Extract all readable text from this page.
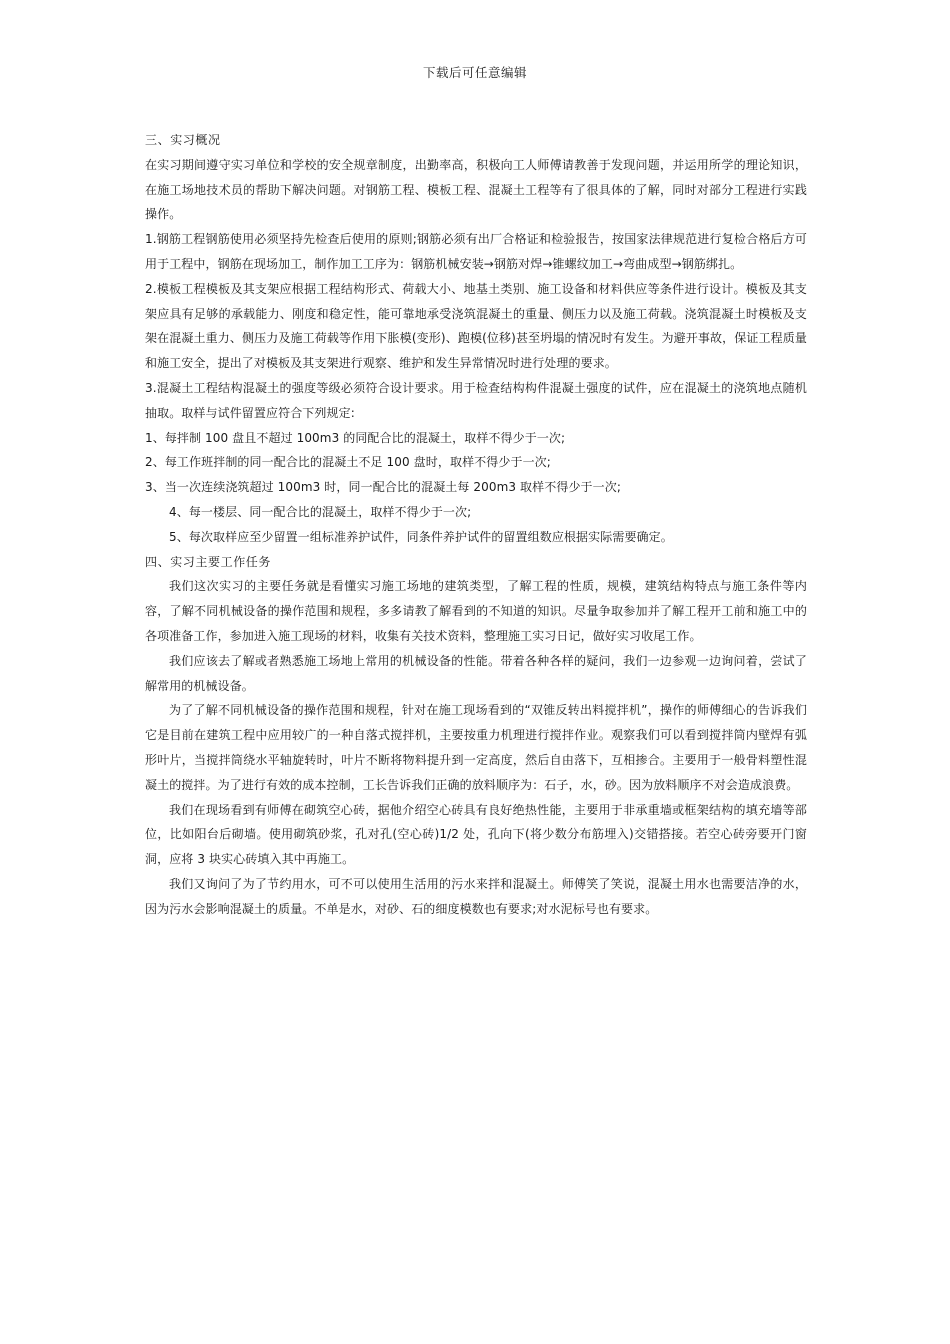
下载后可任意编辑

三、实习概况

在实习期间遵守实习单位和学校的安全规章制度，出勤率高，积极向工人师傅请教善于发现问题，并运用所学的理论知识，在施工场地技术员的帮助下解决问题。对钢筋工程、模板工程、混凝土工程等有了很具体的了解，同时对部分工程进行实践操作。

1.钢筋工程钢筋使用必须坚持先检查后使用的原则;钢筋必须有出厂合格证和检验报告，按国家法律规范进行复检合格后方可用于工程中，钢筋在现场加工，制作加工工序为：钢筋机械安装→钢筋对焊→锥螺纹加工→弯曲成型→钢筋绑扎。

2.模板工程模板及其支架应根据工程结构形式、荷载大小、地基土类别、施工设备和材料供应等条件进行设计。模板及其支架应具有足够的承载能力、刚度和稳定性，能可靠地承受浇筑混凝土的重量、侧压力以及施工荷载。浇筑混凝土时模板及支架在混凝土重力、侧压力及施工荷载等作用下胀模(变形)、跑模(位移)甚至坍塌的情况时有发生。为避开事故，保证工程质量和施工安全，提出了对模板及其支架进行观察、维护和发生异常情况时进行处理的要求。

3.混凝土工程结构混凝土的强度等级必须符合设计要求。用于检查结构构件混凝土强度的试件，应在混凝土的浇筑地点随机抽取。取样与试件留置应符合下列规定:

1、每拌制 100 盘且不超过 100m3 的同配合比的混凝土，取样不得少于一次;

2、每工作班拌制的同一配合比的混凝土不足 100 盘时，取样不得少于一次;

3、当一次连续浇筑超过 100m3 时，同一配合比的混凝土每 200m3 取样不得少于一次;

4、每一楼层、同一配合比的混凝土，取样不得少于一次;

5、每次取样应至少留置一组标准养护试件，同条件养护试件的留置组数应根据实际需要确定。

四、实习主要工作任务

我们这次实习的主要任务就是看懂实习施工场地的建筑类型，了解工程的性质，规模，建筑结构特点与施工条件等内容，了解不同机械设备的操作范围和规程，多多请教了解看到的不知道的知识。尽量争取参加并了解工程开工前和施工中的各项准备工作，参加进入施工现场的材料，收集有关技术资料，整理施工实习日记，做好实习收尾工作。

我们应该去了解或者熟悉施工场地上常用的机械设备的性能。带着各种各样的疑问，我们一边参观一边询问着，尝试了解常用的机械设备。

为了了解不同机械设备的操作范围和规程，针对在施工现场看到的“双锥反转出料搅拌机”，操作的师傅细心的告诉我们它是目前在建筑工程中应用较广的一种自落式搅拌机，主要按重力机理进行搅拌作业。观察我们可以看到搅拌筒内壁焊有弧形叶片，当搅拌筒绕水平轴旋转时，叶片不断将物料提升到一定高度，然后自由落下，互相掺合。主要用于一般骨料塑性混凝土的搅拌。为了进行有效的成本控制，工长告诉我们正确的放料顺序为：石子，水，砂。因为放料顺序不对会造成浪费。

我们在现场看到有师傅在砌筑空心砖，据他介绍空心砖具有良好绝热性能，主要用于非承重墙或框架结构的填充墙等部位，比如阳台后砌墙。使用砌筑砂浆，孔对孔(空心砖)1/2 处，孔向下(将少数分布筋埋入)交错搭接。若空心砖旁要开门窗洞，应将 3 块实心砖填入其中再施工。

我们又询问了为了节约用水，可不可以使用生活用的污水来拌和混凝土。师傅笑了笑说，混凝土用水也需要洁净的水，因为污水会影响混凝土的质量。不单是水，对砂、石的细度模数也有要求;对水泥标号也有要求。
